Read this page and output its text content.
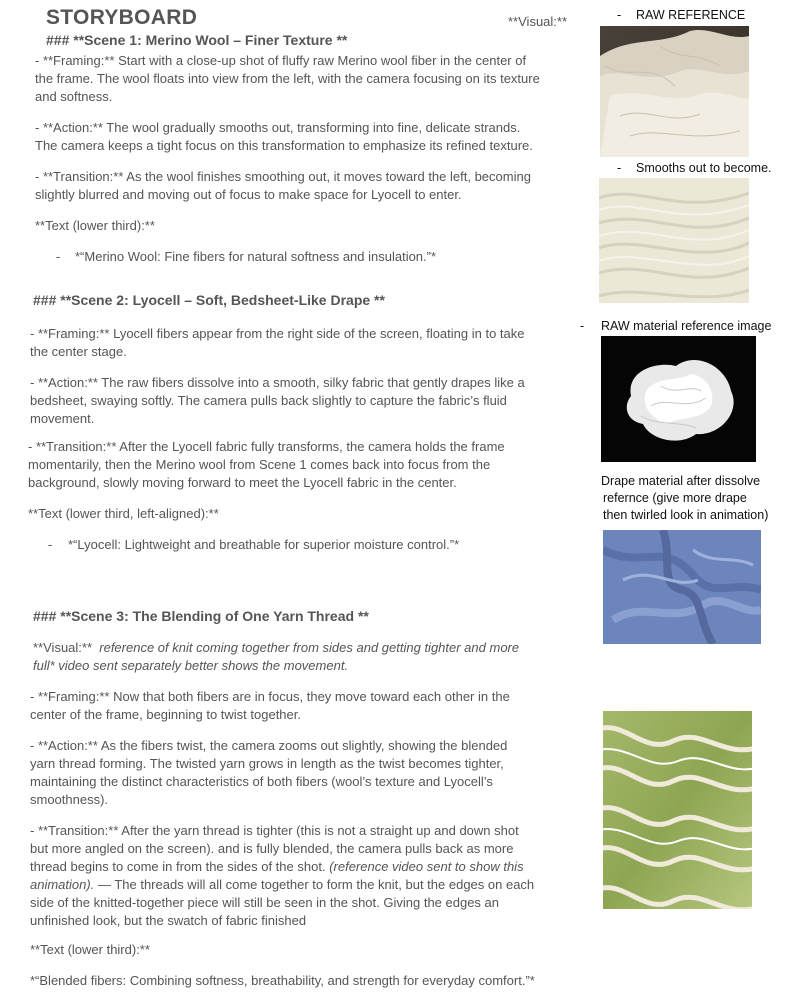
STORYBOARD	**Visual:**
### **Scene 1: Merino Wool – Finer Texture **
- **Framing:** Start with a close-up shot of fluffy raw Merino wool fiber in the center of
the frame. The wool floats into view from the left, with the camera focusing on its texture
and softness.
- **Action:** The wool gradually smooths out, transforming into fine, delicate strands.
The camera keeps a tight focus on this transformation to emphasize its refined texture.
- **Transition:** As the wool finishes smoothing out, it moves toward the left, becoming
slightly blurred and moving out of focus to make space for Lyocell to enter.
**Text (lower third):**
- *“Merino Wool: Fine fibers for natural softness and insulation.”*
### **Scene 2: Lyocell – Soft, Bedsheet-Like Drape **
- **Framing:** Lyocell fibers appear from the right side of the screen, floating in to take
the center stage.
- **Action:** The raw fibers dissolve into a smooth, silky fabric that gently drapes like a
bedsheet, swaying softly. The camera pulls back slightly to capture the fabric’s fluid
movement.
- **Transition:** After the Lyocell fabric fully transforms, the camera holds the frame
momentarily, then the Merino wool from Scene 1 comes back into focus from the
background, slowly moving forward to meet the Lyocell fabric in the center.
**Text (lower third, left-aligned):**
- *“Lyocell: Lightweight and breathable for superior moisture control.”*
### **Scene 3: The Blending of One Yarn Thread **
**Visual:** reference of knit coming together from sides and getting tighter and more
full* video sent separately better shows the movement.
- **Framing:** Now that both fibers are in focus, they move toward each other in the
center of the frame, beginning to twist together.
- **Action:** As the fibers twist, the camera zooms out slightly, showing the blended
yarn thread forming. The twisted yarn grows in length as the twist becomes tighter,
maintaining the distinct characteristics of both fibers (wool’s texture and Lyocell’s
smoothness).
- **Transition:** After the yarn thread is tighter (this is not a straight up and down shot
but more angled on the screen). and is fully blended, the camera pulls back as more
thread begins to come in from the sides of the shot. (reference video sent to show this
animation). — The threads will all come together to form the knit, but the edges on each
side of the knitted-together piece will still be seen in the shot. Giving the edges an
unfinished look, but the swatch of fabric finished
**Text (lower third):**
*“Blended fibers: Combining softness, breathability, and strength for everyday comfort.”*
- RAW REFERENCE
- Smooths out to become.
- RAW material reference image
Drape material after dissolve
refernce (give more drape
then twirled look in animation)
